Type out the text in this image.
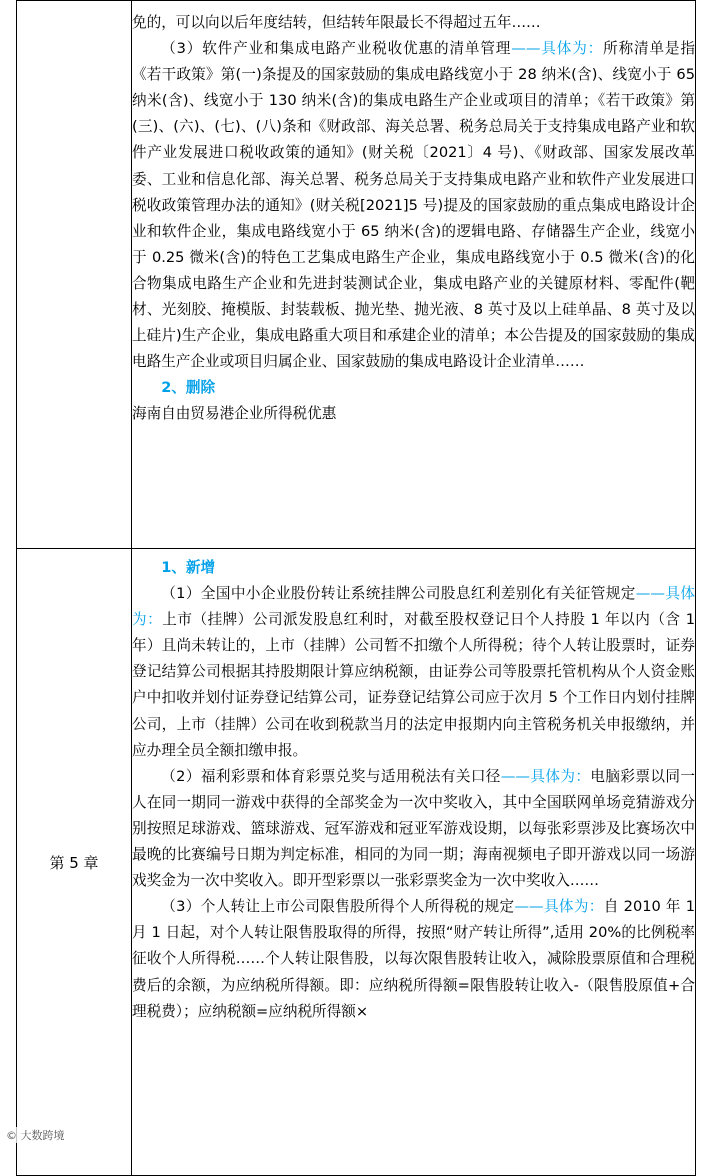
	免的，可以向以后年度结转，但结转年限最长不得超过五年……

（3）软件产业和集成电路产业税收优惠的清单管理——具体为：所称清单是指《若干政策》第(一)条提及的国家鼓励的集成电路线宽小于 28 纳米(含)、线宽小于 65 纳米(含)、线宽小于 130 纳米(含)的集成电路生产企业或项目的清单；《若干政策》第(三)、(六)、(七)、(八)条和《财政部、海关总署、税务总局关于支持集成电路产业和软件产业发展进口税收政策的通知》(财关税〔2021〕4 号)、《财政部、国家发展改革委、工业和信息化部、海关总署、税务总局关于支持集成电路产业和软件产业发展进口税收政策管理办法的通知》(财关税[2021]5 号)提及的国家鼓励的重点集成电路设计企业和软件企业，集成电路线宽小于 65 纳米(含)的逻辑电路、存储器生产企业，线宽小于 0.25 微米(含)的特色工艺集成电路生产企业，集成电路线宽小于 0.5 微米(含)的化合物集成电路生产企业和先进封装测试企业，集成电路产业的关键原材料、零配件(靶材、光刻胶、掩模版、封装载板、抛光垫、抛光液、8 英寸及以上硅单晶、8 英寸及以上硅片)生产企业，集成电路重大项目和承建企业的清单；本公告提及的国家鼓励的集成电路生产企业或项目归属企业、国家鼓励的集成电路设计企业清单……

2、删除

海南自由贸易港企业所得税优惠

第 5 章	1、新增

（1）全国中小企业股份转让系统挂牌公司股息红利差别化有关征管规定——具体为：上市（挂牌）公司派发股息红利时，对截至股权登记日个人持股 1 年以内（含 1 年）且尚未转让的，上市（挂牌）公司暂不扣缴个人所得税；待个人转让股票时，证券登记结算公司根据其持股期限计算应纳税额，由证券公司等股票托管机构从个人资金账户中扣收并划付证券登记结算公司，证券登记结算公司应于次月 5 个工作日内划付挂牌公司，上市（挂牌）公司在收到税款当月的法定申报期内向主管税务机关申报缴纳，并应办理全员全额扣缴申报。

（2）福利彩票和体育彩票兑奖与适用税法有关口径——具体为：电脑彩票以同一人在同一期同一游戏中获得的全部奖金为一次中奖收入，其中全国联网单场竞猜游戏分别按照足球游戏、篮球游戏、冠军游戏和冠亚军游戏设期，以每张彩票涉及比赛场次中最晚的比赛编号日期为判定标准，相同的为同一期；海南视频电子即开游戏以同一场游戏奖金为一次中奖收入。即开型彩票以一张彩票奖金为一次中奖收入……

（3）个人转让上市公司限售股所得个人所得税的规定——具体为：自 2010 年 1 月 1 日起，对个人转让限售股取得的所得，按照“财产转让所得”,适用 20%的比例税率征收个人所得税……个人转让限售股，以每次限售股转让收入，减除股票原值和合理税费后的余额，为应纳税所得额。即：应纳税所得额=限售股转让收入-（限售股原值+合理税费）；应纳税额=应纳税所得额×

© 大数跨境
